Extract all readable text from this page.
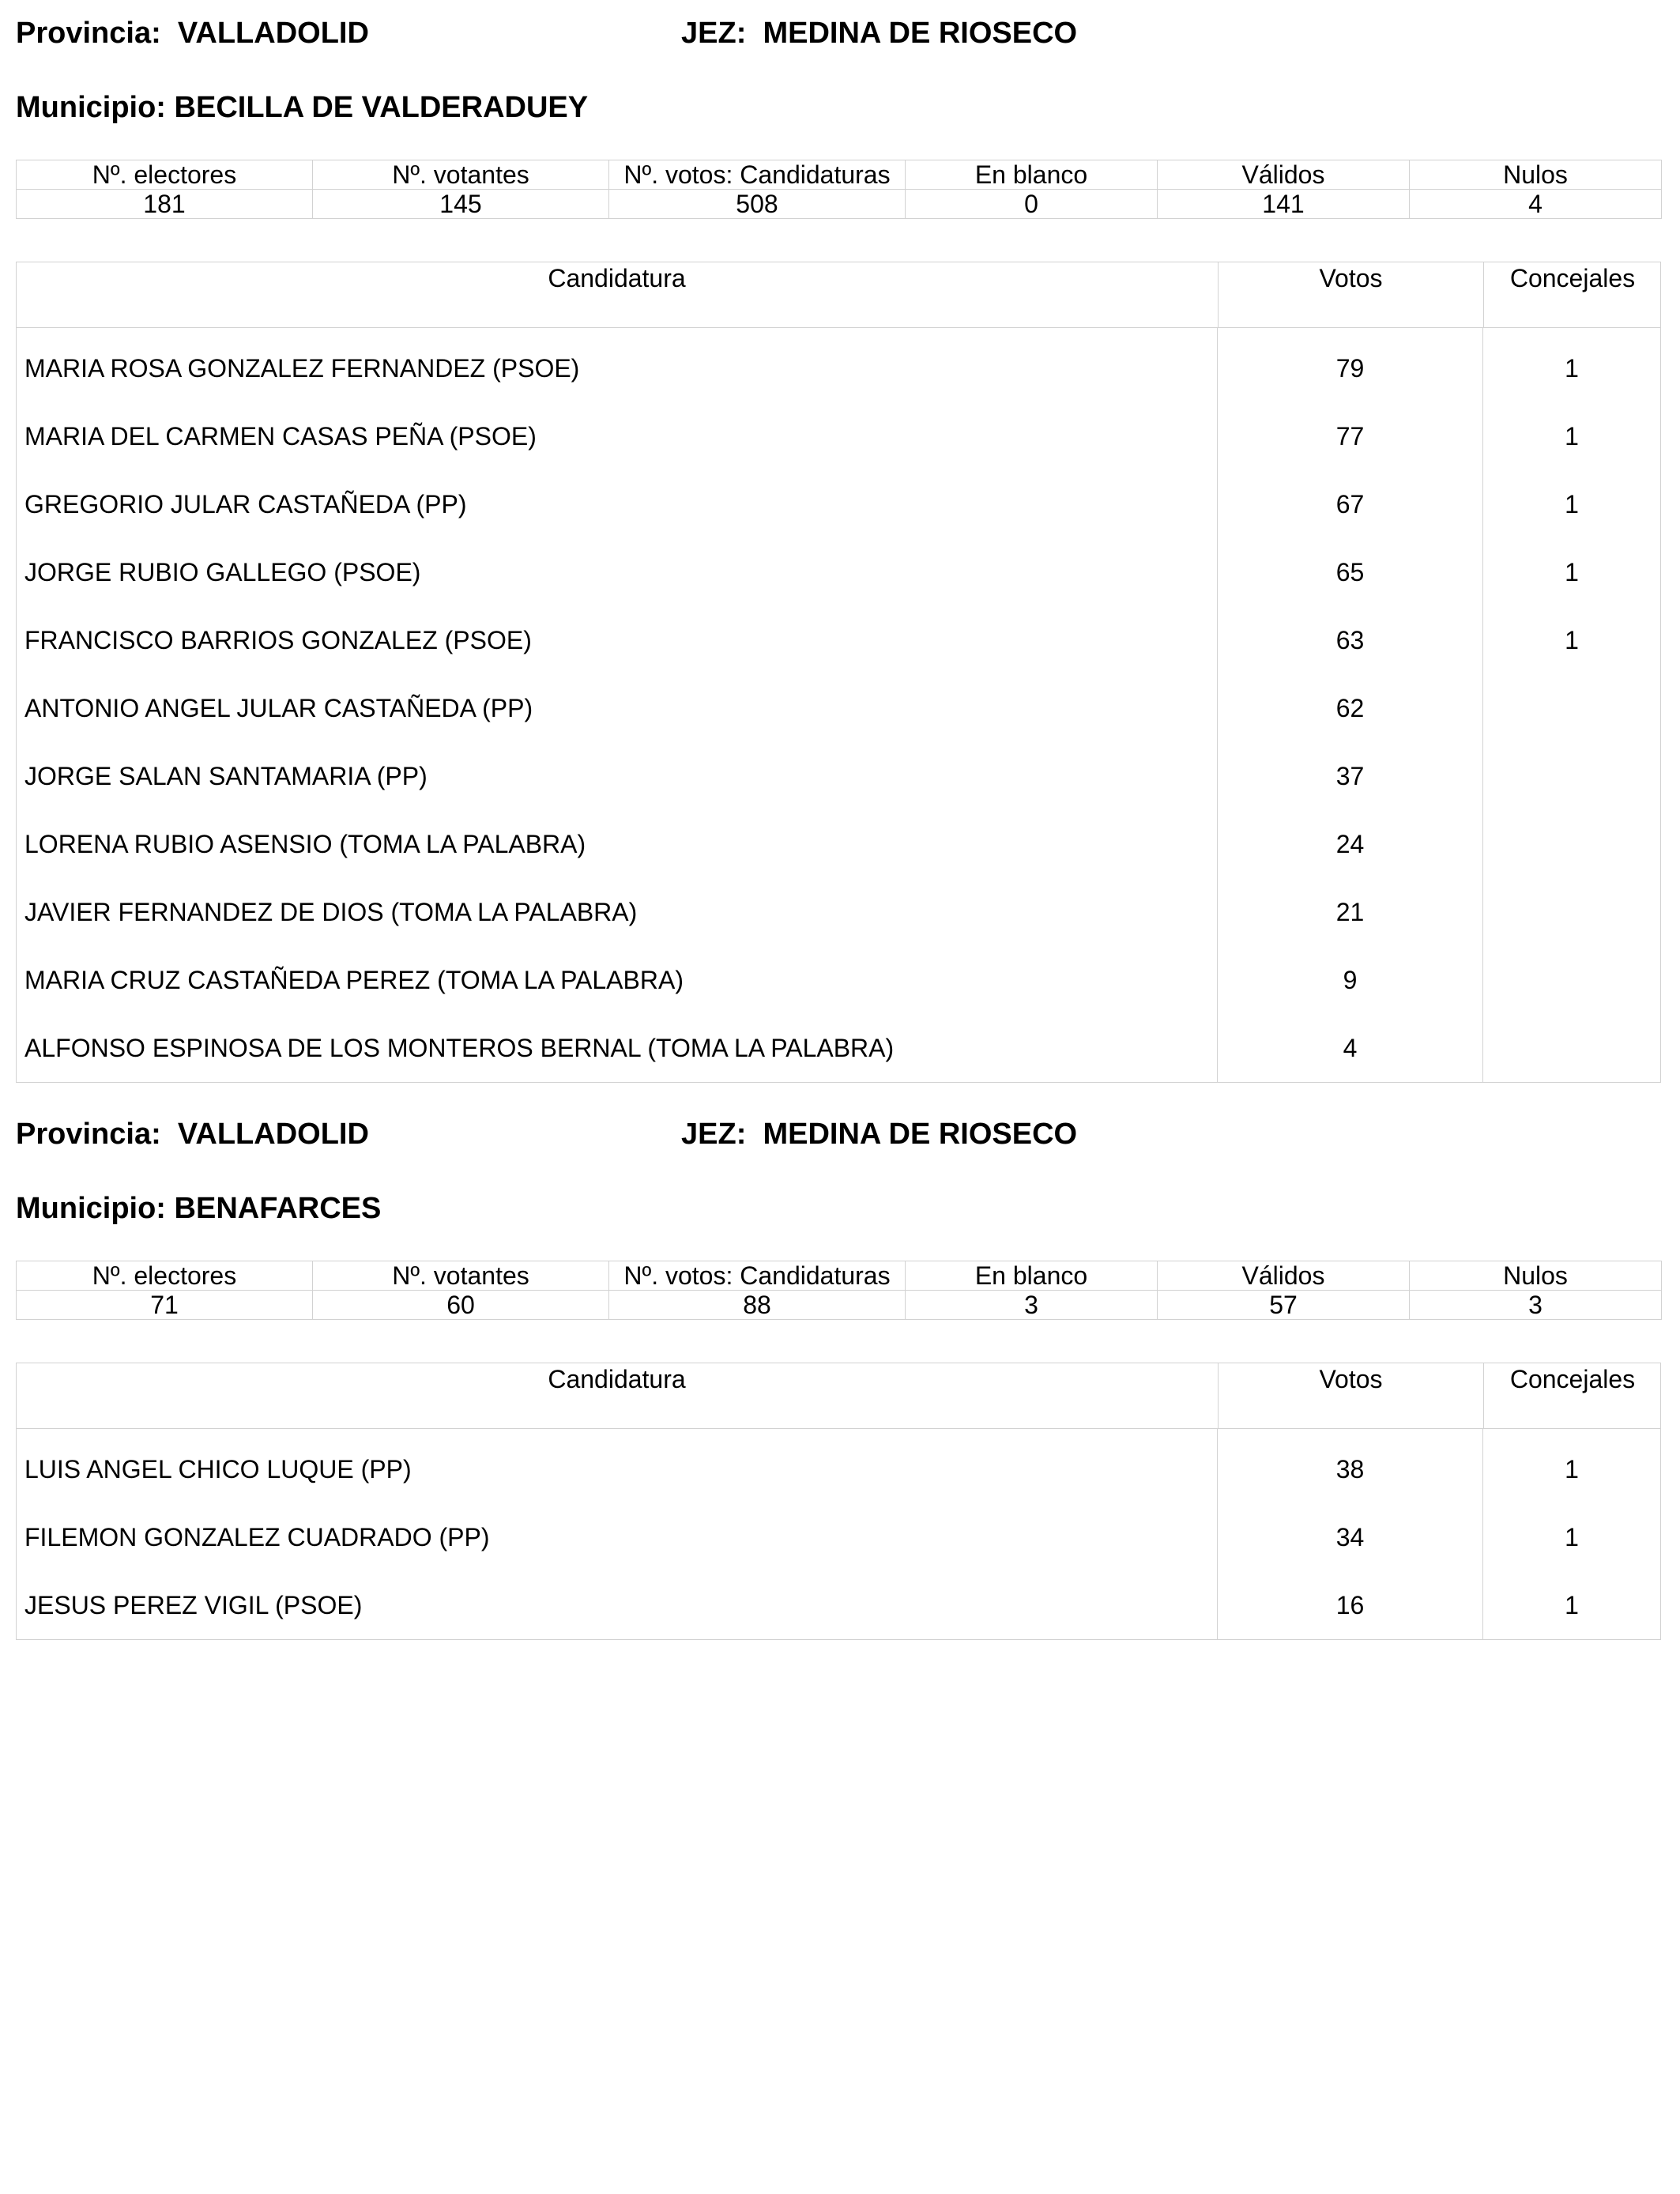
Provincia: VALLADOLID	JEZ: MEDINA DE RIOSECO
Municipio: BECILLA DE VALDERADUEY
Nº. electores	Nº. votantes	Nº. votos: Candidaturas	En blanco	Válidos	Nulos
181	145	508	0	141	4
Candidatura	Votos	Concejales
MARIA ROSA GONZALEZ FERNANDEZ (PSOE)	79	1
MARIA DEL CARMEN CASAS PEÑA (PSOE)	77	1
GREGORIO JULAR CASTAÑEDA (PP)	67	1
JORGE RUBIO GALLEGO (PSOE)	65	1
FRANCISCO BARRIOS GONZALEZ (PSOE)	63	1
ANTONIO ANGEL JULAR CASTAÑEDA (PP)	62
JORGE SALAN SANTAMARIA (PP)	37
LORENA RUBIO ASENSIO (TOMA LA PALABRA)	24
JAVIER FERNANDEZ DE DIOS (TOMA LA PALABRA)	21
MARIA CRUZ CASTAÑEDA PEREZ (TOMA LA PALABRA)	9
ALFONSO ESPINOSA DE LOS MONTEROS BERNAL (TOMA LA PALABRA)	4
Provincia: VALLADOLID	JEZ: MEDINA DE RIOSECO
Municipio: BENAFARCES
Nº. electores	Nº. votantes	Nº. votos: Candidaturas	En blanco	Válidos	Nulos
71	60	88	3	57	3
Candidatura	Votos	Concejales
LUIS ANGEL CHICO LUQUE (PP)	38	1
FILEMON GONZALEZ CUADRADO (PP)	34	1
JESUS PEREZ VIGIL (PSOE)	16	1
